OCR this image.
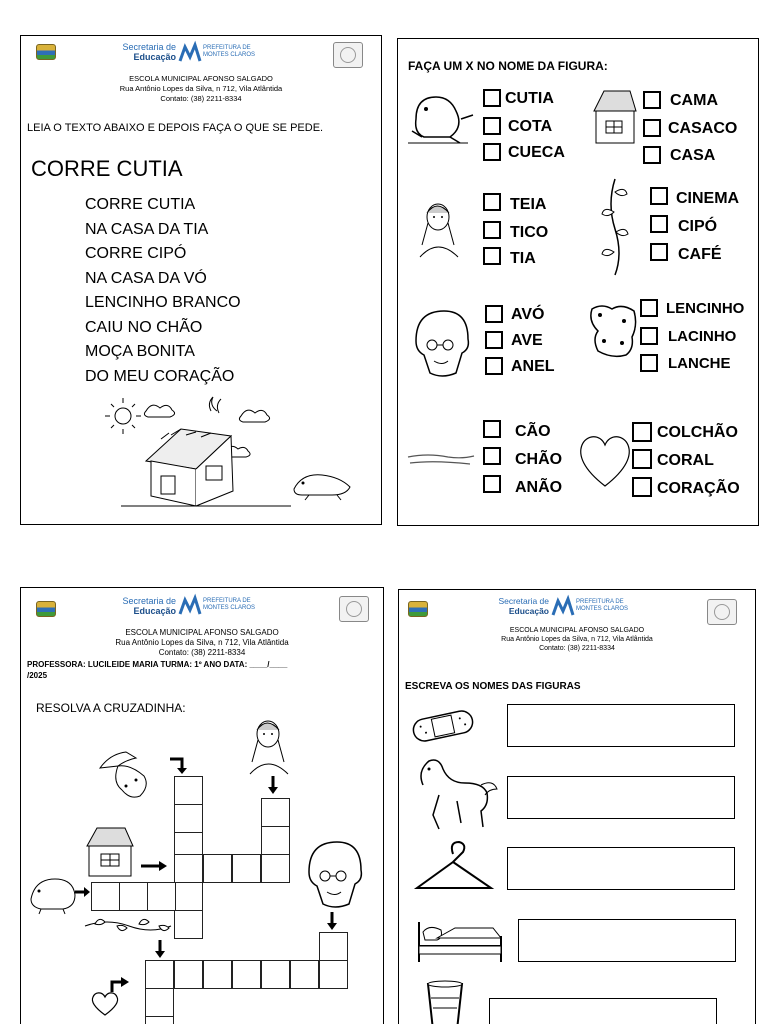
Secretaria de
Educação
PREFEITURA DE
MONTES CLAROS
ESCOLA MUNICIPAL AFONSO SALGADO
Rua Antônio Lopes da Silva, n 712, Vila Atlântida
Contato: (38) 2211-8334
LEIA O TEXTO ABAIXO E DEPOIS FAÇA O QUE SE PEDE.
CORRE CUTIA
CORRE CUTIA
NA CASA DA TIA
CORRE CIPÓ
NA CASA DA VÓ
LENCINHO BRANCO
CAIU NO CHÃO
MOÇA BONITA
DO MEU CORAÇÃO
FAÇA UM X NO NOME DA FIGURA:
CUTIA
COTA
CUECA
CAMA
CASACO
CASA
TEIA
TICO
TIA
CINEMA
CIPÓ
CAFÉ
AVÓ
AVE
ANEL
LENCINHO
LACINHO
LANCHE
CÃO
CHÃO
ANÃO
COLCHÃO
CORAL
CORAÇÃO
Secretaria de
Educação
PREFEITURA DE
MONTES CLAROS
ESCOLA MUNICIPAL AFONSO SALGADO
Rua Antônio Lopes da Silva, n 712, Vila Atlântida
Contato: (38) 2211-8334
PROFESSORA: LUCILEIDE MARIA TURMA: 1º ANO DATA: ____/____
/2025
RESOLVA A CRUZADINHA:
Secretaria de
Educação
PREFEITURA DE
MONTES CLAROS
ESCOLA MUNICIPAL AFONSO SALGADO
Rua Antônio Lopes da Silva, n 712, Vila Atlântida
Contato: (38) 2211-8334
ESCREVA OS NOMES DAS FIGURAS
